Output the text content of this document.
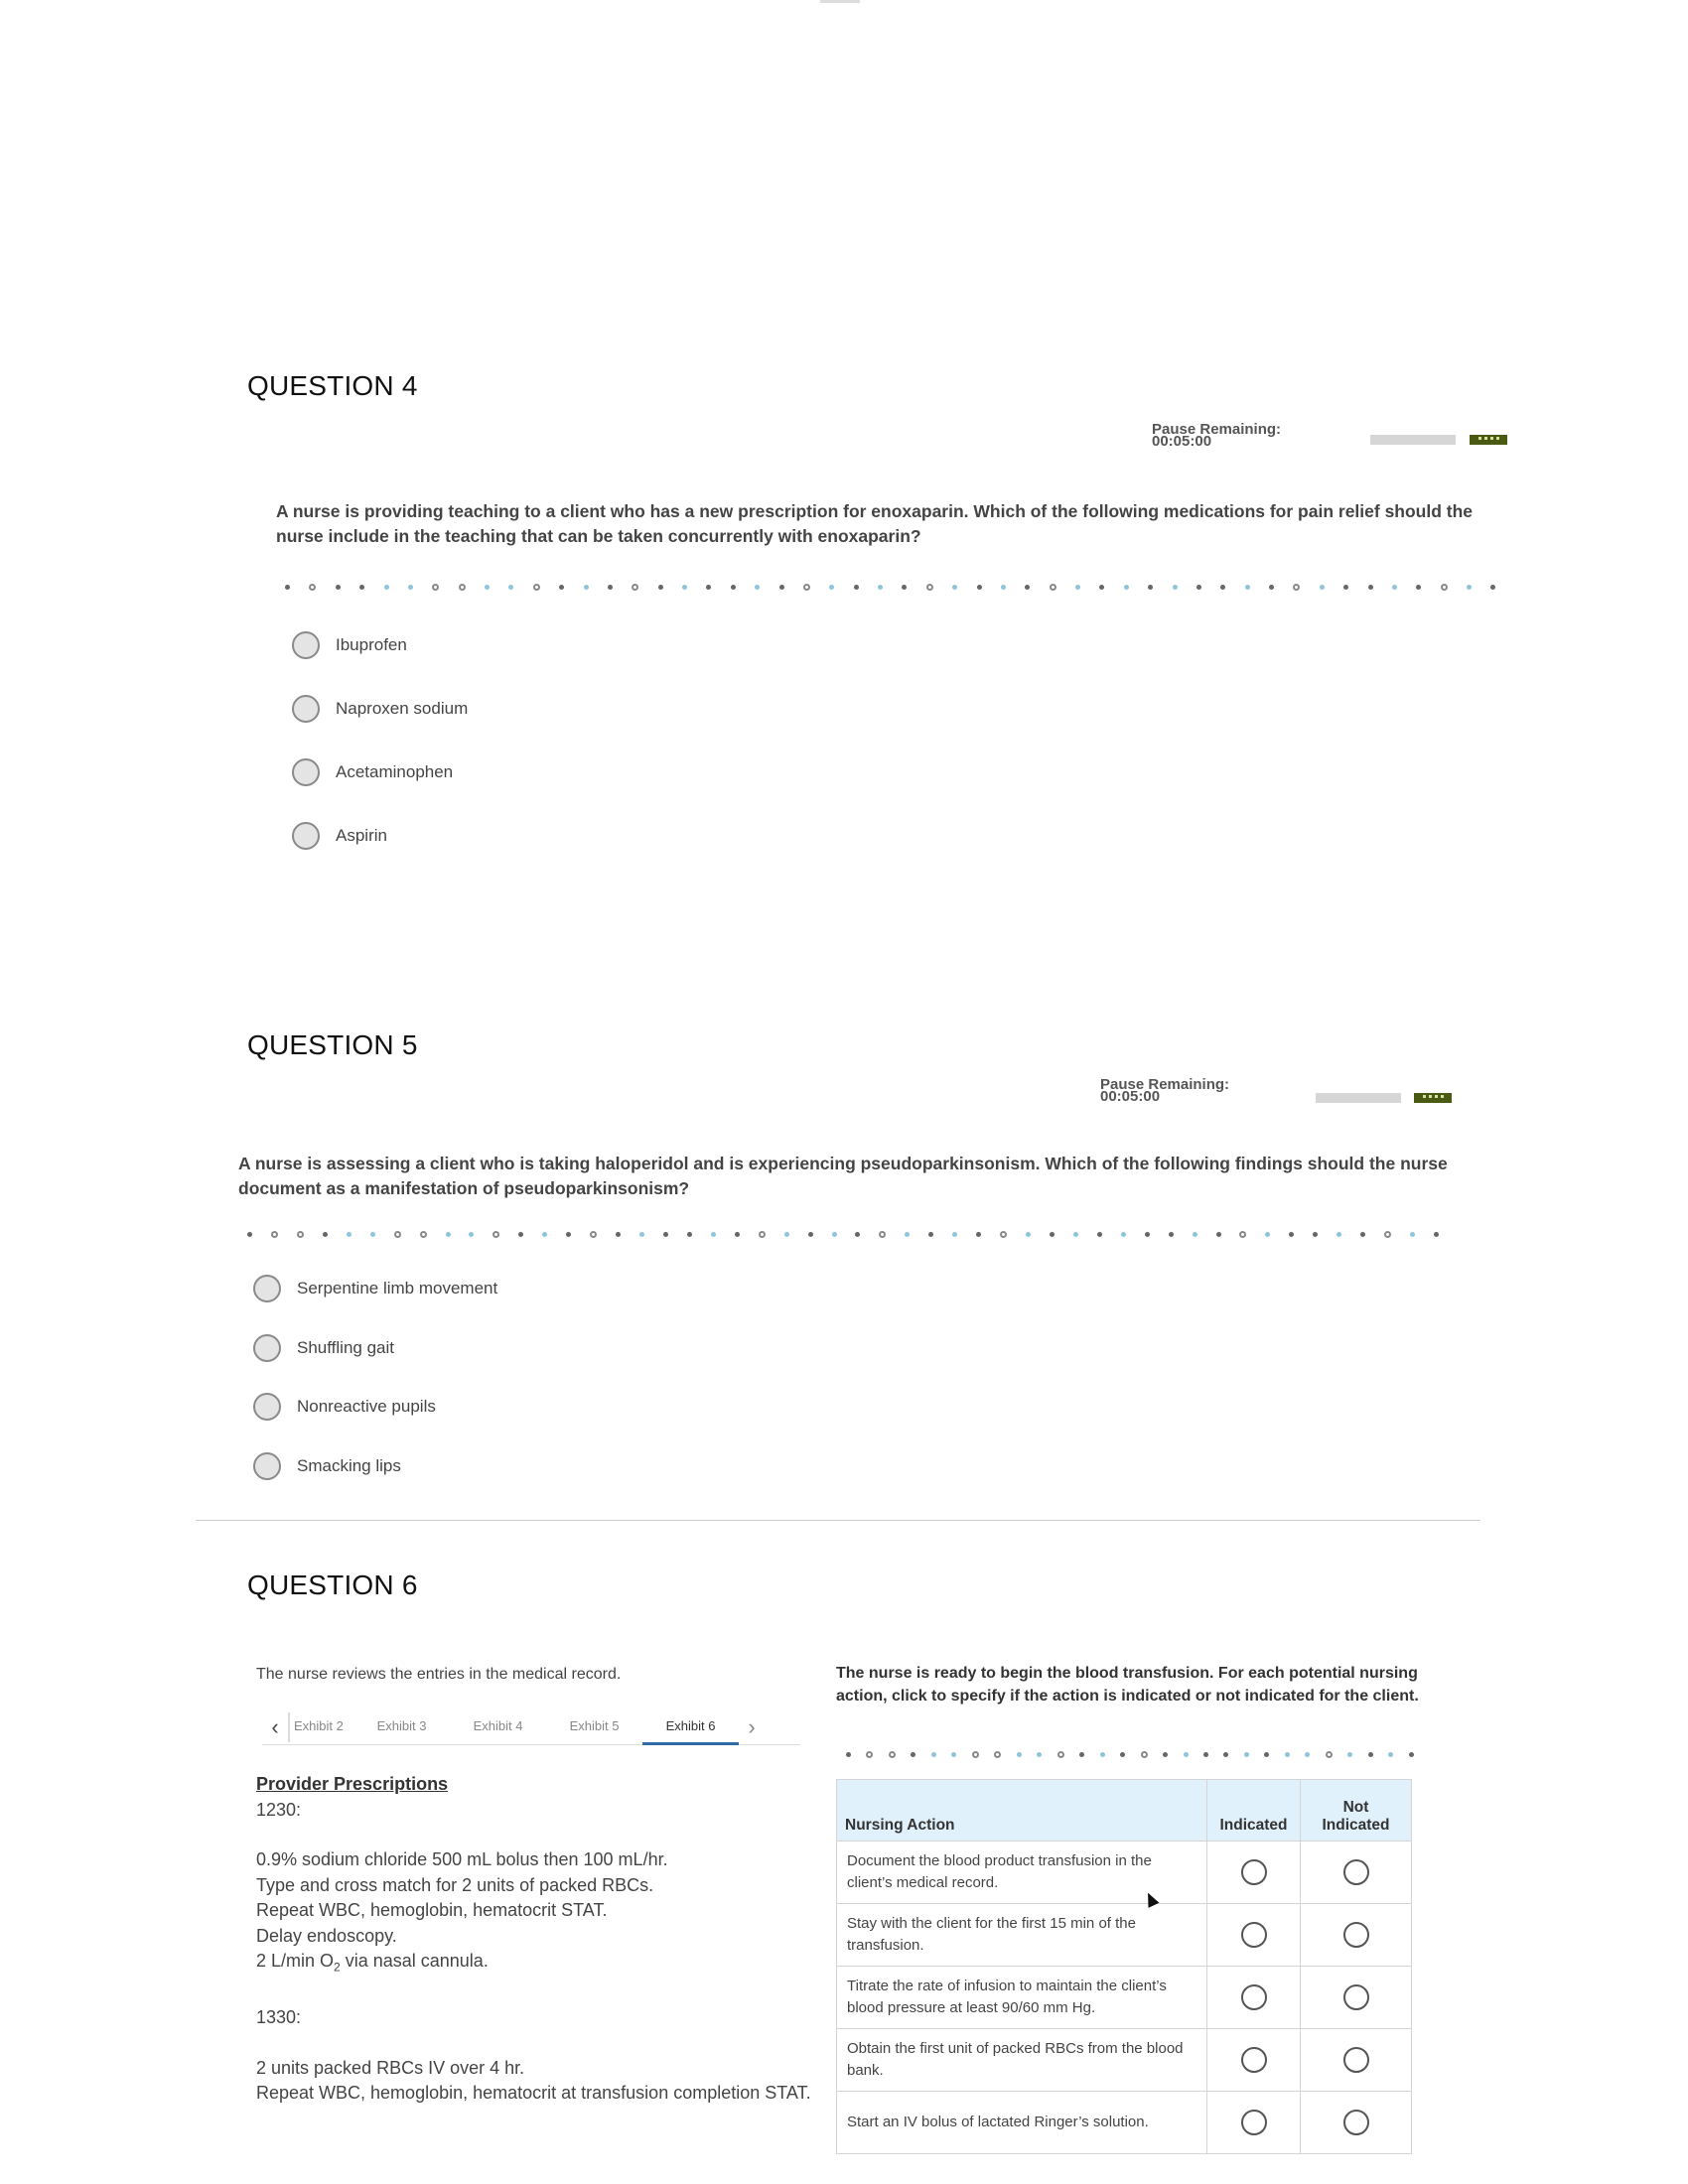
QUESTION 4
Pause Remaining: 00:05:00
A nurse is providing teaching to a client who has a new prescription for enoxaparin. Which of the following medications for pain relief should the nurse include in the teaching that can be taken concurrently with enoxaparin?
Ibuprofen
Naproxen sodium
Acetaminophen
Aspirin
QUESTION 5
Pause Remaining: 00:05:00
A nurse is assessing a client who is taking haloperidol and is experiencing pseudoparkinsonism. Which of the following findings should the nurse document as a manifestation of pseudoparkinsonism?
Serpentine limb movement
Shuffling gait
Nonreactive pupils
Smacking lips
QUESTION 6
The nurse reviews the entries in the medical record.
‹	Exhibit 2	Exhibit 3	Exhibit 4	Exhibit 5	Exhibit 6	›
Provider Prescriptions
1230:
0.9% sodium chloride 500 mL bolus then 100 mL/hr.
Type and cross match for 2 units of packed RBCs.
Repeat WBC, hemoglobin, hematocrit STAT.
Delay endoscopy.
2 L/min $O_2$ via nasal cannula.
1330:
2 units packed RBCs IV over 4 hr.
Repeat WBC, hemoglobin, hematocrit at transfusion completion STAT.
The nurse is ready to begin the blood transfusion. For each potential nursing action, click to specify if the action is indicated or not indicated for the client.
Nursing Action	Indicated	Not Indicated
Document the blood product transfusion in the client’s medical record.		
Stay with the client for the first 15 min of the transfusion.		
Titrate the rate of infusion to maintain the client’s blood pressure at least 90/60 mm Hg.		
Obtain the first unit of packed RBCs from the blood bank.		
Start an IV bolus of lactated Ringer’s solution.		
